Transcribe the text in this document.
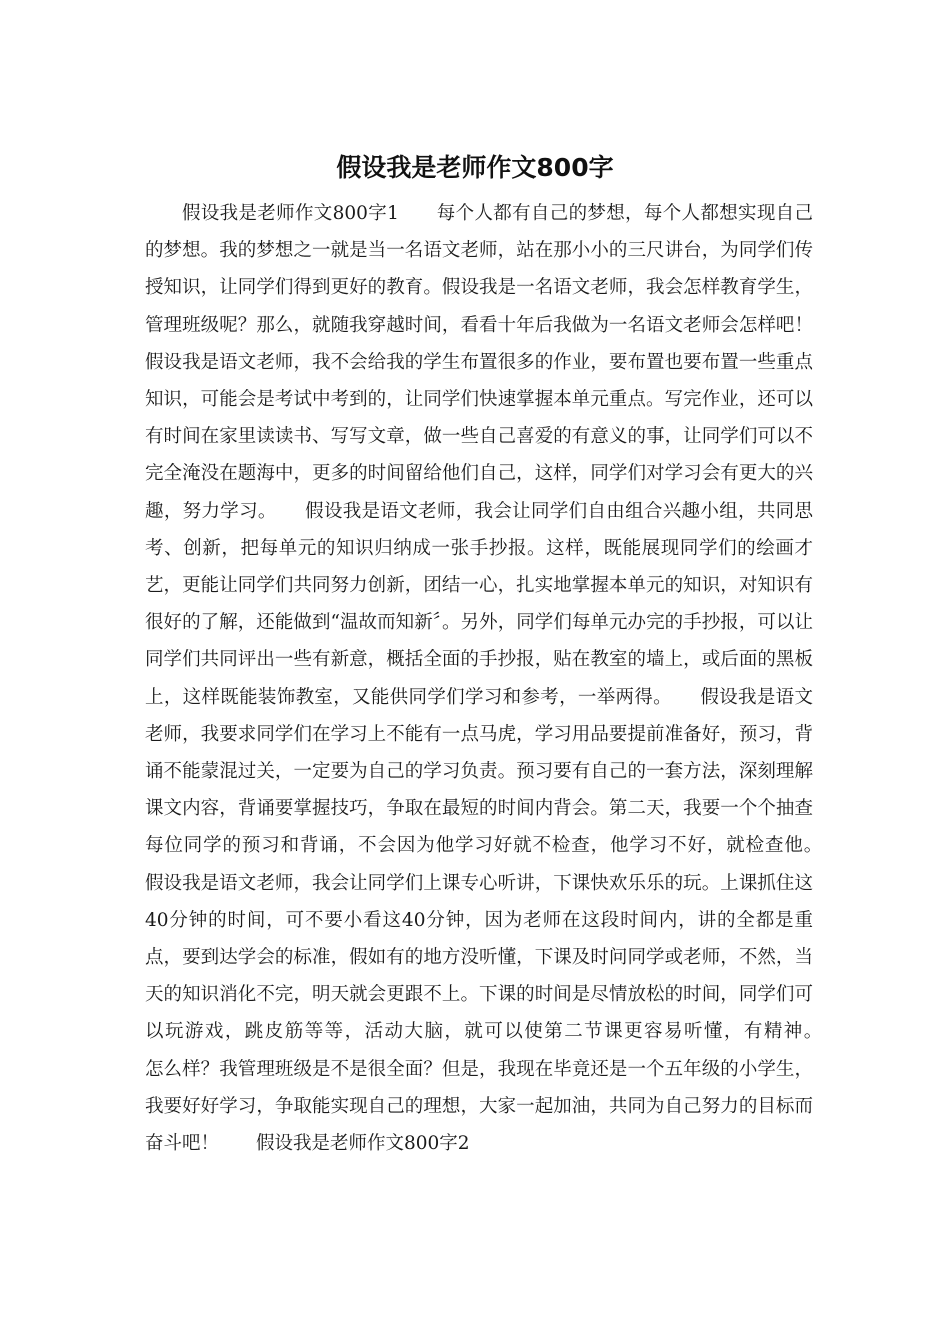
假设我是老师作文800字

假设我是老师作文800字1　　每个人都有自己的梦想，每个人都想实现自己的梦想。我的梦想之一就是当一名语文老师，站在那小小的三尺讲台，为同学们传授知识，让同学们得到更好的教育。假设我是一名语文老师，我会怎样教育学生，管理班级呢？那么，就随我穿越时间，看看十年后我做为一名语文老师会怎样吧！　　假设我是语文老师，我不会给我的学生布置很多的作业，要布置也要布置一些重点知识，可能会是考试中考到的，让同学们快速掌握本单元重点。写完作业，还可以有时间在家里读读书、写写文章，做一些自己喜爱的有意义的事，让同学们可以不完全淹没在题海中，更多的时间留给他们自己，这样，同学们对学习会有更大的兴趣，努力学习。　　假设我是语文老师，我会让同学们自由组合兴趣小组，共同思考、创新，把每单元的知识归纳成一张手抄报。这样，既能展现同学们的绘画才艺，更能让同学们共同努力创新，团结一心，扎实地掌握本单元的知识，对知识有很好的了解，还能做到“温故而知新〞。另外，同学们每单元办完的手抄报，可以让同学们共同评出一些有新意，概括全面的手抄报，贴在教室的墙上，或后面的黑板上，这样既能装饰教室，又能供同学们学习和参考，一举两得。　　假设我是语文老师，我要求同学们在学习上不能有一点马虎，学习用品要提前准备好，预习，背诵不能蒙混过关，一定要为自己的学习负责。预习要有自己的一套方法，深刻理解课文内容，背诵要掌握技巧，争取在最短的时间内背会。第二天，我要一个个抽查每位同学的预习和背诵，不会因为他学习好就不检查，他学习不好，就检查他。　　假设我是语文老师，我会让同学们上课专心听讲，下课快欢乐乐的玩。上课抓住这40分钟的时间，可不要小看这40分钟，因为老师在这段时间内，讲的全都是重点，要到达学会的标准，假如有的地方没听懂，下课及时问同学或老师，不然，当天的知识消化不完，明天就会更跟不上。下课的时间是尽情放松的时间，同学们可以玩游戏，跳皮筋等等，活动大脑，就可以使第二节课更容易听懂，有精神。　　怎么样？我管理班级是不是很全面？但是，我现在毕竟还是一个五年级的小学生，我要好好学习，争取能实现自己的理想，大家一起加油，共同为自己努力的目标而奋斗吧！　　假设我是老师作文800字2
